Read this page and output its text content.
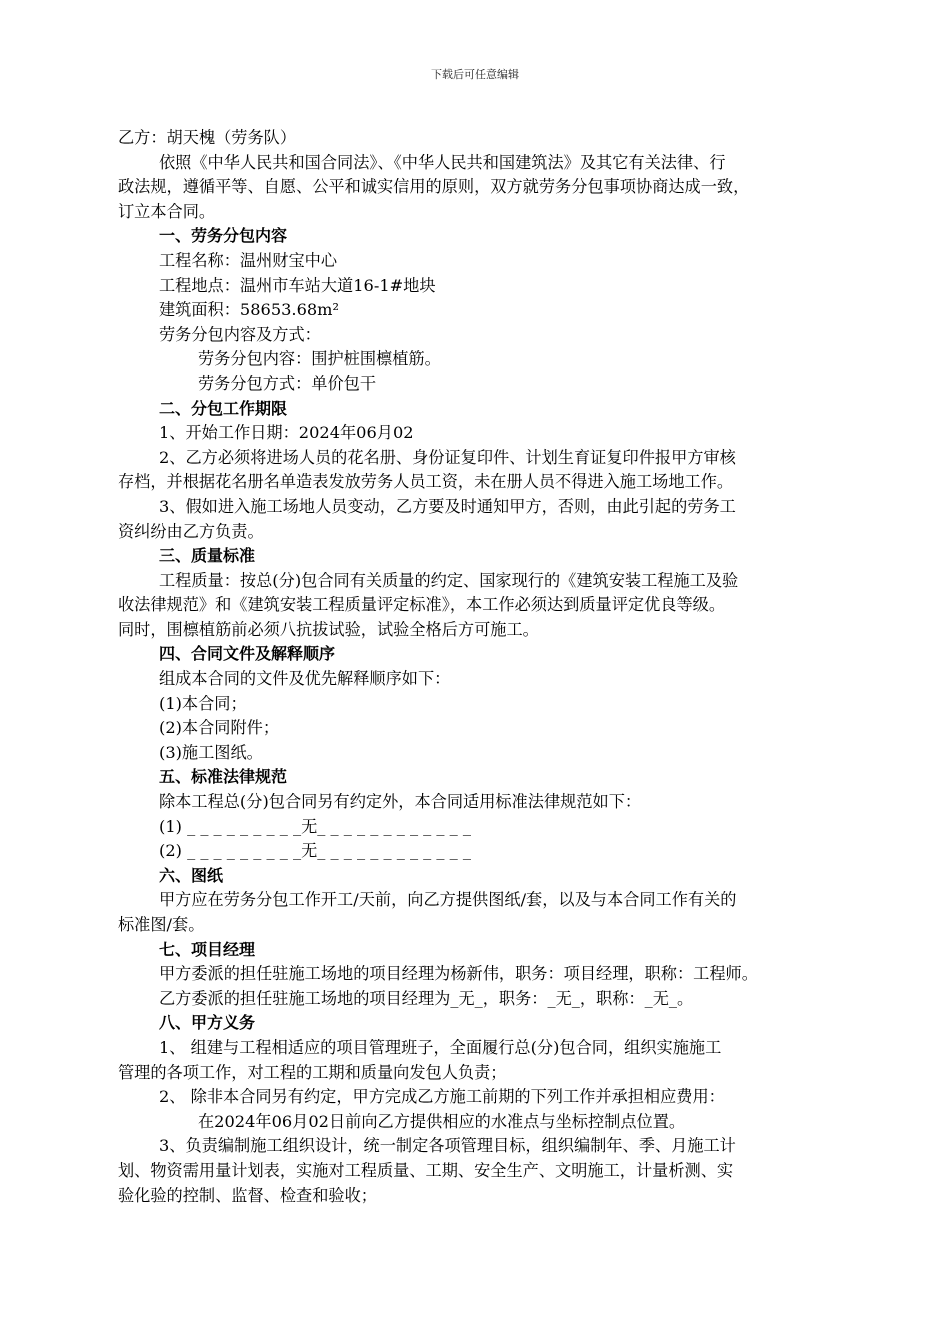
下载后可任意编辑
乙方：胡天槐（劳务队）
依照《中华人民共和国合同法》、《中华人民共和国建筑法》及其它有关法律、行
政法规，遵循平等、自愿、公平和诚实信用的原则，双方就劳务分包事项协商达成一致，
订立本合同。
一、劳务分包内容
工程名称：温州财宝中心
工程地点：温州市车站大道16-1#地块
建筑面积：58653.68m²
劳务分包内容及方式：
劳务分包内容：围护桩围檩植筋。
劳务分包方式：单价包干
二、分包工作期限
1、开始工作日期：2024年06月02
2、乙方必须将进场人员的花名册、身份证复印件、计划生育证复印件报甲方审核
存档，并根据花名册名单造表发放劳务人员工资，未在册人员不得进入施工场地工作。
3、假如进入施工场地人员变动，乙方要及时通知甲方，否则，由此引起的劳务工
资纠纷由乙方负责。
三、质量标准
工程质量：按总(分)包合同有关质量的约定、国家现行的《建筑安装工程施工及验
收法律规范》和《建筑安装工程质量评定标准》，本工作必须达到质量评定优良等级。
同时，围檩植筋前必须八抗拔试验，试验全格后方可施工。
四、合同文件及解释顺序
组成本合同的文件及优先解释顺序如下：
(1)本合同；
(2)本合同附件；
(3)施工图纸。
五、标准法律规范
除本工程总(分)包合同另有约定外，本合同适用标准法律规范如下：
(1) _ _ _ _ _ _ _ _ _无_ _ _ _ _ _ _ _ _ _ _ _
(2) _ _ _ _ _ _ _ _ _无_ _ _ _ _ _ _ _ _ _ _ _
六、图纸
甲方应在劳务分包工作开工/天前，向乙方提供图纸/套，以及与本合同工作有关的
标准图/套。
七、项目经理
甲方委派的担任驻施工场地的项目经理为杨新伟，职务：项目经理，职称：工程师。
乙方委派的担任驻施工场地的项目经理为_无_，职务：_无_，职称：_无_。
八、甲方义务
1、 组建与工程相适应的项目管理班子，全面履行总(分)包合同，组织实施施工
管理的各项工作，对工程的工期和质量向发包人负责；
2、 除非本合同另有约定，甲方完成乙方施工前期的下列工作并承担相应费用：
在2024年06月02日前向乙方提供相应的水准点与坐标控制点位置。
3、负责编制施工组织设计，统一制定各项管理目标，组织编制年、季、月施工计
划、物资需用量计划表，实施对工程质量、工期、安全生产、文明施工，计量析测、实
验化验的控制、监督、检查和验收；
